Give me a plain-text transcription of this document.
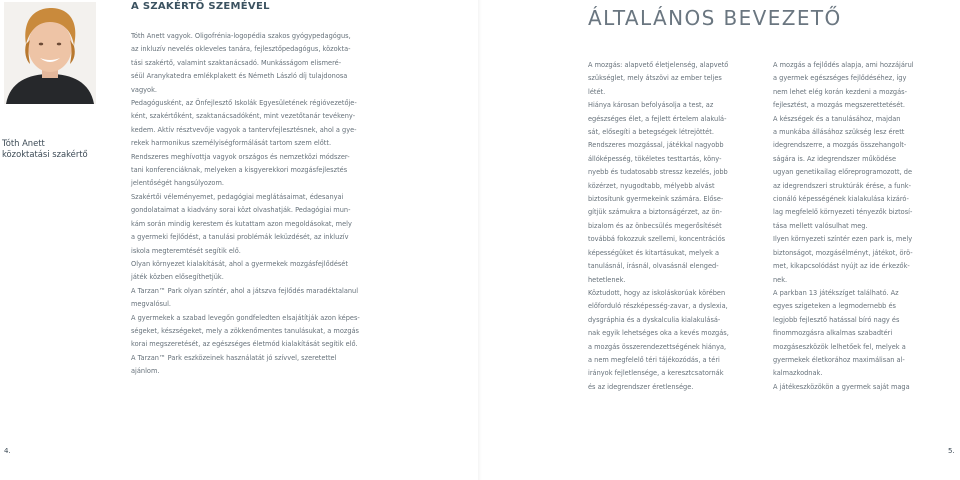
Tóth Anett
közoktatási szakértő
A SZAKÉRTŐ SZEMÉVEL
Tóth Anett vagyok. Oligofrénia-logopédia szakos gyógypedagógus,
az inkluzív nevelés okleveles tanára, fejlesztőpedagógus, közokta-
tási szakértő, valamint szaktanácsadó. Munkásságom elismeré-
séül Aranykatedra emlékplakett és Németh László díj tulajdonosa
vagyok.
Pedagógusként, az Önfejlesztő Iskolák Egyesületének régióvezetője-
ként, szakértőként, szaktanácsadóként, mint vezetőtanár tevékeny-
kedem. Aktív résztvevője vagyok a tantervfejlesztésnek, ahol a gye-
rekek harmonikus személyiségformálását tartom szem előtt.
Rendszeres meghívottja vagyok országos és nemzetközi módszer-
tani konferenciáknak, melyeken a kisgyerekkori mozgásfejlesztés
jelentőségét hangsúlyozom.
Szakértői véleményemet, pedagógiai meglátásaimat, édesanyai
gondolataimat a kiadvány sorai közt olvashatják. Pedagógiai mun-
kám során mindig kerestem és kutattam azon megoldásokat, mely
a gyermeki fejlődést, a tanulási problémák leküzdését, az inkluzív
iskola megteremtését segítik elő.
Olyan környezet kialakítását, ahol a gyermekek mozgásfejlődését
játék közben elősegíthetjük.
A Tarzan™ Park olyan színtér, ahol a játszva fejlődés maradéktalanul
megvalósul.
A gyermekek a szabad levegőn gondfeledten elsajátítják azon képes-
ségeket, készségeket, mely a zökkenőmentes tanulásukat, a mozgás
korai megszeretését, az egészséges életmód kialakítását segítik elő.
A Tarzan™ Park eszközeinek használatát jó szívvel, szeretettel
ajánlom.
4.
ÁLTALÁNOS BEVEZETŐ
A mozgás: alapvető életjelenség, alapvető
szükséglet, mely átszövi az ember teljes
létét.
Hiánya károsan befolyásolja a test, az
egészséges élet, a fejlett értelem alakulá-
sát, elősegíti a betegségek létrejöttét.
Rendszeres mozgással, játékkal nagyobb
állóképesség, tökéletes testtartás, köny-
nyebb és tudatosabb stressz kezelés, jobb
közérzet, nyugodtabb, mélyebb alvást
biztosítunk gyermekeink számára. Előse-
gítjük számukra a biztonságérzet, az ön-
bizalom és az önbecsülés megerősítését
továbbá fokozzuk szellemi, koncentrációs
képességüket és kitartásukat, melyek a
tanulásnál, írásnál, olvasásnál elenged-
hetetlenek.
Köztudott, hogy az iskoláskorúak körében
előforduló részképesség-zavar, a dyslexia,
dysgráphia és a dyskalculia kialakulásá-
nak egyik lehetséges oka a kevés mozgás,
a mozgás összerendezettségének hiánya,
a nem megfelelő téri tájékozódás, a téri
irányok fejletlensége, a keresztcsatornák
és az idegrendszer éretlensége.
A mozgás a fejlődés alapja, ami hozzájárul
a gyermek egészséges fejlődéséhez, így
nem lehet elég korán kezdeni a mozgás-
fejlesztést, a mozgás megszerettetését.
A készségek és a tanulásához, majdan
a munkába állásához szükség lesz érett
idegrendszerre, a mozgás összehangolt-
ságára is. Az idegrendszer működése
ugyan genetikailag előreprogramozott, de
az idegrendszeri struktúrák érése, a funk-
cionáló képességének kialakulása kizáró-
lag megfelelő környezeti tényezők biztosí-
tása mellett valósulhat meg.
Ilyen környezeti színtér ezen park is, mely
biztonságot, mozgásélményt, játékot, örö-
met, kikapcsolódást nyújt az ide érkezők-
nek.
A parkban 13 játékszíget található. Az
egyes szigeteken a legmodernebb és
legjobb fejlesztő hatással bíró nagy és
finommozgásra alkalmas szabadtéri
mozgáseszközök lelhetőek fel, melyek a
gyermekek életkorához maximálisan al-
kalmazkodnak.
A játékeszközökön a gyermek saját maga
5.
